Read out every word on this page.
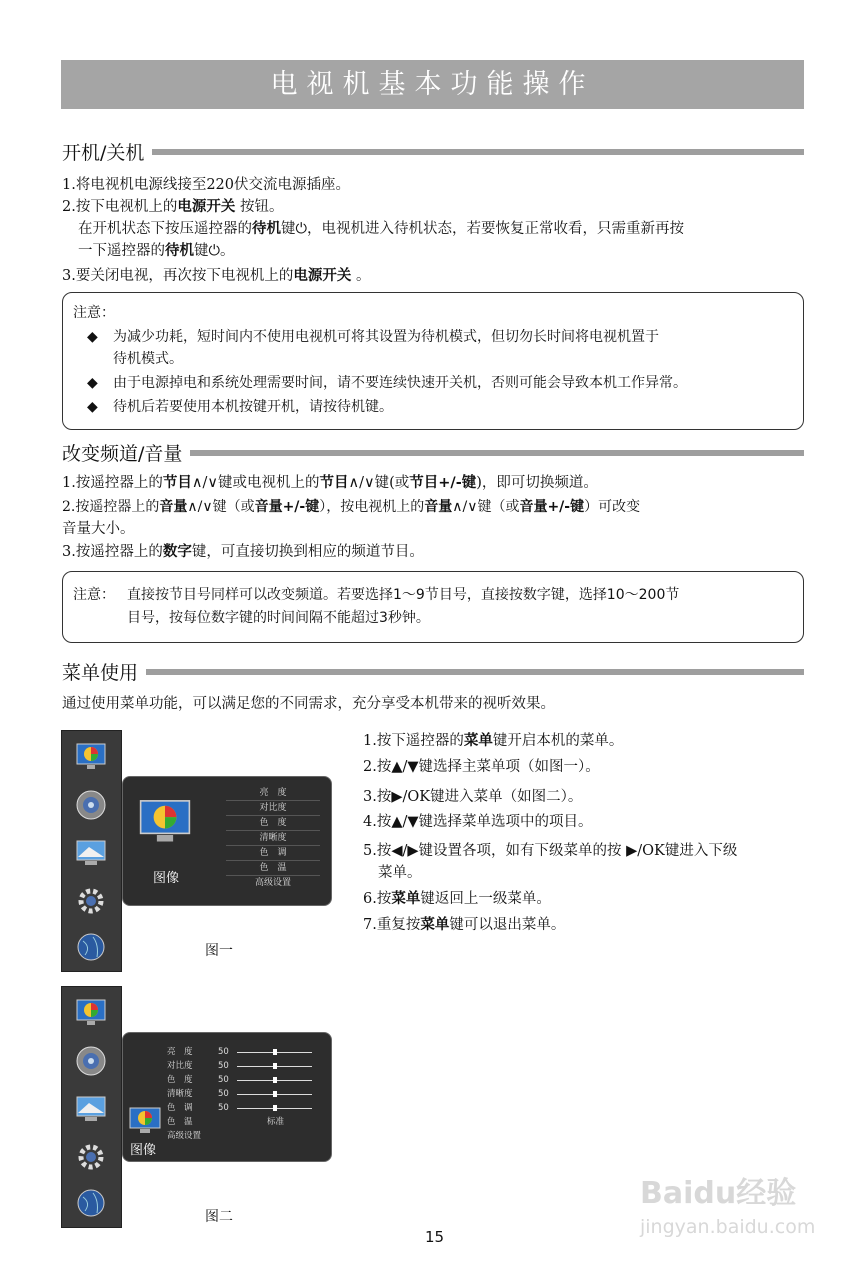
电视机基本功能操作
开机/关机
1.将电视机电源线接至220伏交流电源插座。
2.按下电视机上的电源开关 按钮。
在开机状态下按压遥控器的待机键⏻，电视机进入待机状态，若要恢复正常收看，只需重新再按
一下遥控器的待机键⏻。
3.要关闭电视，再次按下电视机上的电源开关 。
注意：
◆ 为减少功耗，短时间内不使用电视机可将其设置为待机模式，但切勿长时间将电视机置于
待机模式。
◆ 由于电源掉电和系统处理需要时间，请不要连续快速开关机，否则可能会导致本机工作异常。
◆ 待机后若要使用本机按键开机，请按待机键。
改变频道/音量
1.按遥控器上的节目∧/∨键或电视机上的节目∧/∨键(或节目+/-键)，即可切换频道。
2.按遥控器上的音量∧/∨键（或音量+/-键），按电视机上的音量∧/∨键（或音量+/-键）可改变
音量大小。
3.按遥控器上的数字键，可直接切换到相应的频道节目。
注意： 直接按节目号同样可以改变频道。若要选择1～9节目号，直接按数字键，选择10～200节
目号，按每位数字键的时间间隔不能超过3秒钟。
菜单使用
通过使用菜单功能，可以满足您的不同需求，充分享受本机带来的视听效果。
图像
亮　度
对比度
色　度
清晰度
色　调
色　温
高级设置
图一
1.按下遥控器的菜单键开启本机的菜单。
2.按▲/▼键选择主菜单项（如图一）。
3.按▶/OK键进入菜单（如图二）。
4.按▲/▼键选择菜单选项中的项目。
5.按◀/▶键设置各项，如有下级菜单的按 ▶/OK键进入下级
菜单。
6.按菜单键返回上一级菜单。
7.重复按菜单键可以退出菜单。
图像
亮　度	50
对比度	50
色　度	50
清晰度	50
色　调	50
色　温	标准
高级设置
图二
15
Baidu经验
jingyan.baidu.com
